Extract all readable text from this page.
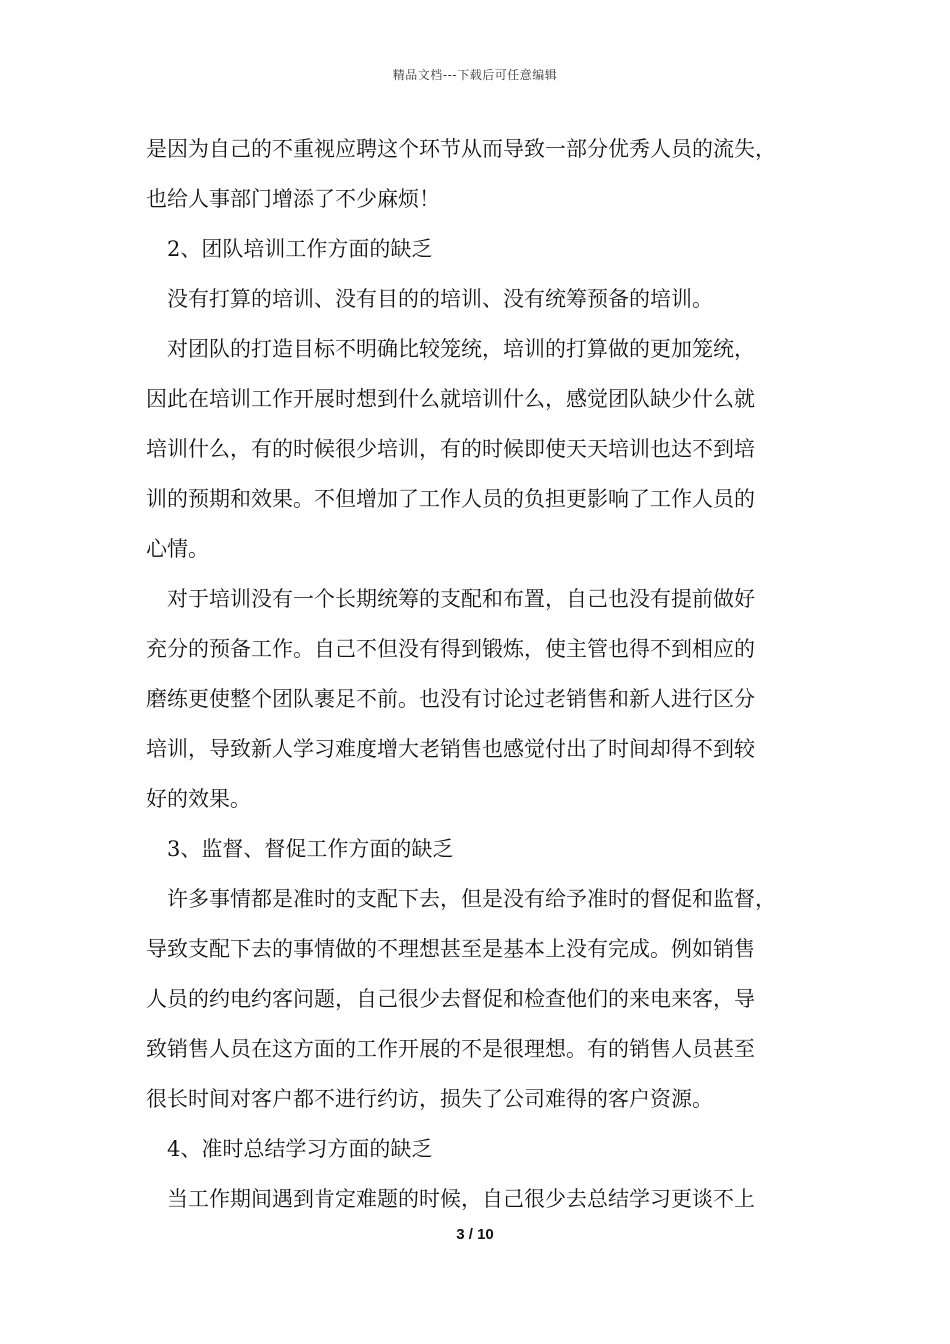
精品文档---下载后可任意编辑

是因为自己的不重视应聘这个环节从而导致一部分优秀人员的流失，

也给人事部门增添了不少麻烦！

2、团队培训工作方面的缺乏

没有打算的培训、没有目的的培训、没有统筹预备的培训。

对团队的打造目标不明确比较笼统，培训的打算做的更加笼统，

因此在培训工作开展时想到什么就培训什么，感觉团队缺少什么就

培训什么，有的时候很少培训，有的时候即使天天培训也达不到培

训的预期和效果。不但增加了工作人员的负担更影响了工作人员的

心情。

对于培训没有一个长期统筹的支配和布置，自己也没有提前做好

充分的预备工作。自己不但没有得到锻炼，使主管也得不到相应的

磨练更使整个团队裹足不前。也没有讨论过老销售和新人进行区分

培训，导致新人学习难度增大老销售也感觉付出了时间却得不到较

好的效果。

3、监督、督促工作方面的缺乏

许多事情都是准时的支配下去，但是没有给予准时的督促和监督，

导致支配下去的事情做的不理想甚至是基本上没有完成。例如销售

人员的约电约客问题，自己很少去督促和检查他们的来电来客，导

致销售人员在这方面的工作开展的不是很理想。有的销售人员甚至

很长时间对客户都不进行约访，损失了公司难得的客户资源。

4、准时总结学习方面的缺乏

当工作期间遇到肯定难题的时候，自己很少去总结学习更谈不上

3 / 10
